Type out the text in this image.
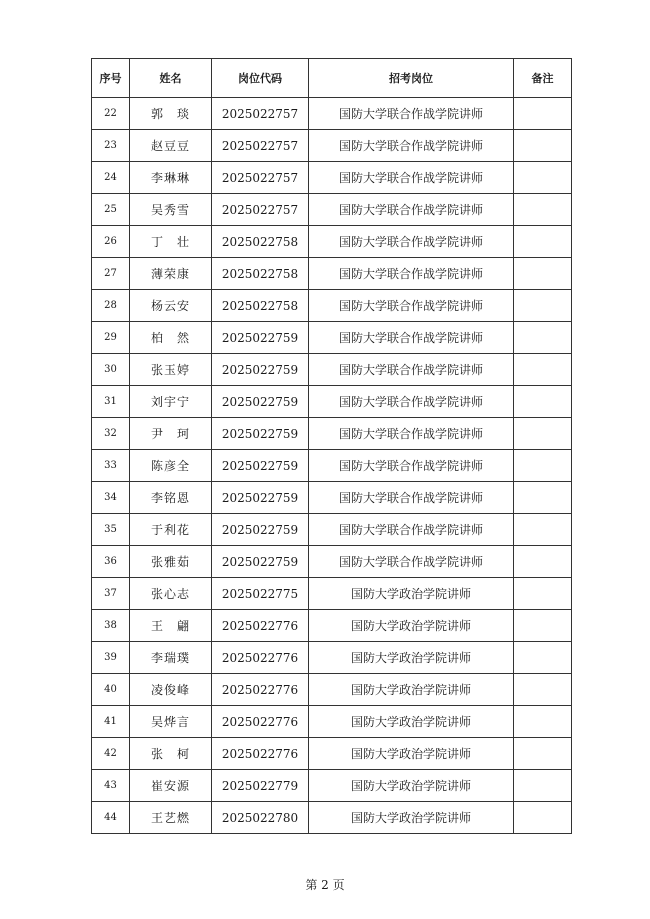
序号	姓名	岗位代码	招考岗位	备注
22	郭　琰	2025022757	国防大学联合作战学院讲师	
23	赵豆豆	2025022757	国防大学联合作战学院讲师	
24	李琳琳	2025022757	国防大学联合作战学院讲师	
25	吴秀雪	2025022757	国防大学联合作战学院讲师	
26	丁　壮	2025022758	国防大学联合作战学院讲师	
27	薄荣康	2025022758	国防大学联合作战学院讲师	
28	杨云安	2025022758	国防大学联合作战学院讲师	
29	柏　然	2025022759	国防大学联合作战学院讲师	
30	张玉婷	2025022759	国防大学联合作战学院讲师	
31	刘宇宁	2025022759	国防大学联合作战学院讲师	
32	尹　珂	2025022759	国防大学联合作战学院讲师	
33	陈彦全	2025022759	国防大学联合作战学院讲师	
34	李铭恩	2025022759	国防大学联合作战学院讲师	
35	于利花	2025022759	国防大学联合作战学院讲师	
36	张雅茹	2025022759	国防大学联合作战学院讲师	
37	张心志	2025022775	国防大学政治学院讲师	
38	王　翩	2025022776	国防大学政治学院讲师	
39	李瑞璞	2025022776	国防大学政治学院讲师	
40	凌俊峰	2025022776	国防大学政治学院讲师	
41	吴烨言	2025022776	国防大学政治学院讲师	
42	张　柯	2025022776	国防大学政治学院讲师	
43	崔安源	2025022779	国防大学政治学院讲师	
44	王艺燃	2025022780	国防大学政治学院讲师	
第 2 页
